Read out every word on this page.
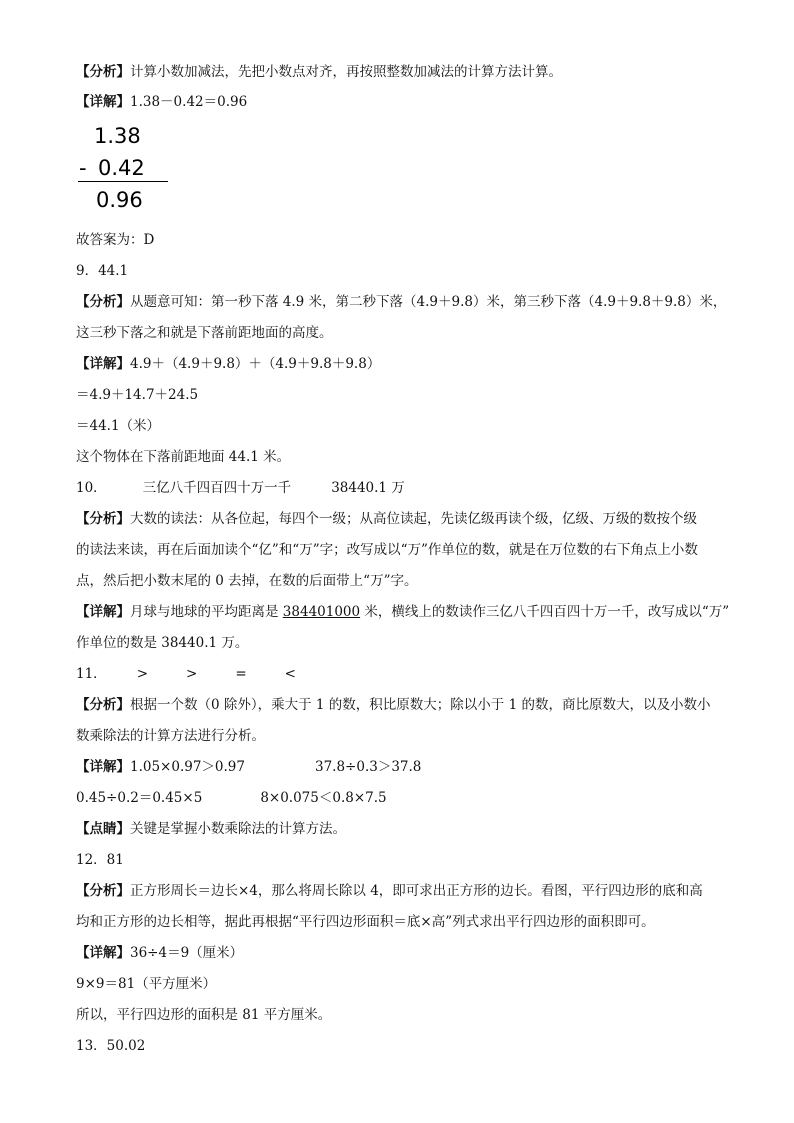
【分析】计算小数加减法，先把小数点对齐，再按照整数加减法的计算方法计算。
【详解】1.38－0.42＝0.96
1.38
- 0.42
0.96
故答案为：D
9．44.1
【分析】从题意可知：第一秒下落 4.9 米，第二秒下落（4.9＋9.8）米，第三秒下落（4.9＋9.8＋9.8）米，
这三秒下落之和就是下落前距地面的高度。
【详解】4.9＋（4.9＋9.8）＋（4.9＋9.8＋9.8）
＝4.9＋14.7＋24.5
＝44.1（米）
这个物体在下落前距地面 44.1 米。
10．	三亿八千四百四十万一千	38440.1 万
【分析】大数的读法：从各位起，每四个一级；从高位读起，先读亿级再读个级，亿级、万级的数按个级
的读法来读，再在后面加读个“亿”和“万”字；改写成以“万”作单位的数，就是在万位数的右下角点上小数
点，然后把小数末尾的 0 去掉，在数的后面带上“万”字。
【详解】月球与地球的平均距离是 384401000 米，横线上的数读作三亿八千四百四十万一千，改写成以“万”
作单位的数是 38440.1 万。
11． >	>	=	<
【分析】根据一个数（0 除外），乘大于 1 的数，积比原数大；除以小于 1 的数，商比原数大，以及小数小
数乘除法的计算方法进行分析。
【详解】1.05×0.97＞0.97	37.8÷0.3＞37.8
0.45÷0.2＝0.45×5	8×0.075＜0.8×7.5
【点睛】关键是掌握小数乘除法的计算方法。
12．81
【分析】正方形周长＝边长×4，那么将周长除以 4，即可求出正方形的边长。看图，平行四边形的底和高
均和正方形的边长相等，据此再根据“平行四边形面积＝底×高”列式求出平行四边形的面积即可。
【详解】36÷4＝9（厘米）
9×9＝81（平方厘米）
所以，平行四边形的面积是 81 平方厘米。
13．50.02
